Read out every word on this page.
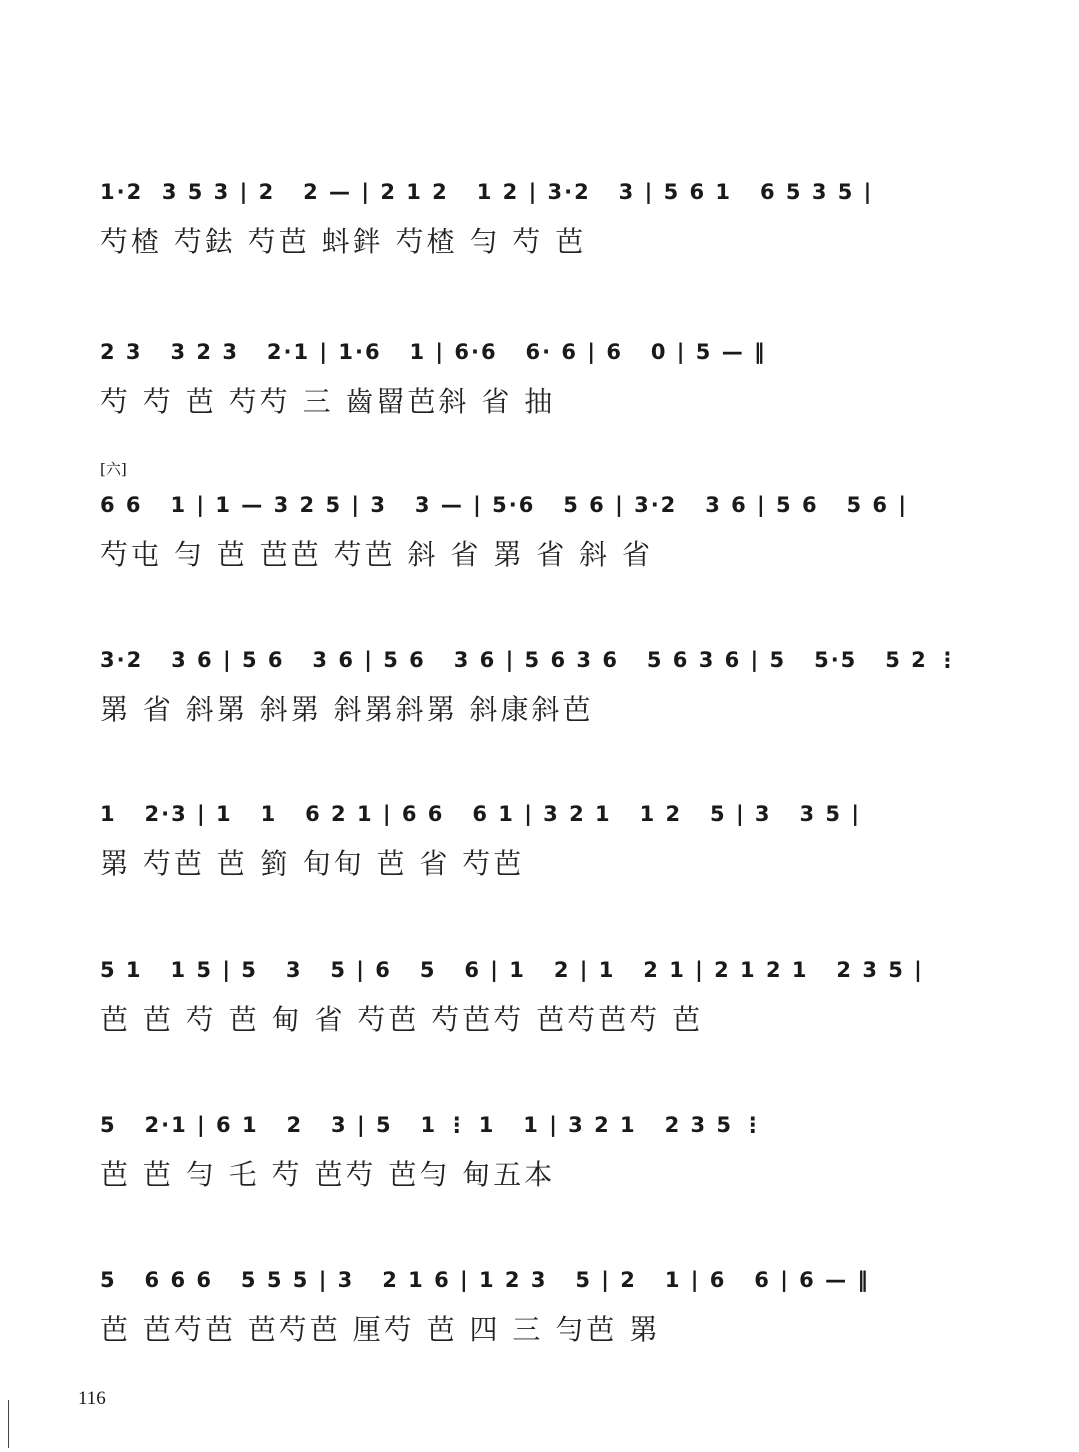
1·2  3 5 3 | 2   2 — | 2 1 2   1 2 | 3·2   3 | 5 6 1   6 5 3 5 |
芍楂 芍鉣 芍芭 蚪鉡 芍楂 勻 芍 芭
2 3   3 2 3   2·1 | 1·6   1 | 6·6   6· 6 | 6   0 | 5 — ‖
芍 芍 芭 芍芍 三 齒罶芭斜 省 抽
[六]
6 6   1 | 1 — 3 2 5 | 3   3 — | 5·6   5 6 | 3·2   3 6 | 5 6   5 6 |
芍屯 勻 芭 芭芭 芍芭 斜 省 罤 省 斜 省
3·2   3 6 | 5 6   3 6 | 5 6   3 6 | 5 6 3 6   5 6 3 6 | 5   5·5   5 2 ⋮
罤 省 斜罤 斜罤 斜罤斜罤 斜康斜芭
1   2·3 | 1   1   6 2 1 | 6 6   6 1 | 3 2 1   1 2   5 | 3   3 5 |
罤 芍芭 芭 箌 旬旬 芭 省 芍芭
5 1   1 5 | 5   3   5 | 6   5   6 | 1   2 | 1   2 1 | 2 1 2 1   2 3 5 |
芭 芭 芍 芭 甸 省 芍芭 芍芭芍 芭芍芭芍 芭
5   2·1 | 6 1   2   3 | 5   1 ⋮ 1   1 | 3 2 1   2 3 5 ⋮
芭 芭 勻 乇 芍 芭芍 芭勻 甸五本
5   6 6 6   5 5 5 | 3   2 1 6 | 1 2 3   5 | 2   1 | 6   6 | 6 — ‖
芭 芭芍芭 芭芍芭 厘芍 芭 四 三 勻芭 罤
116
